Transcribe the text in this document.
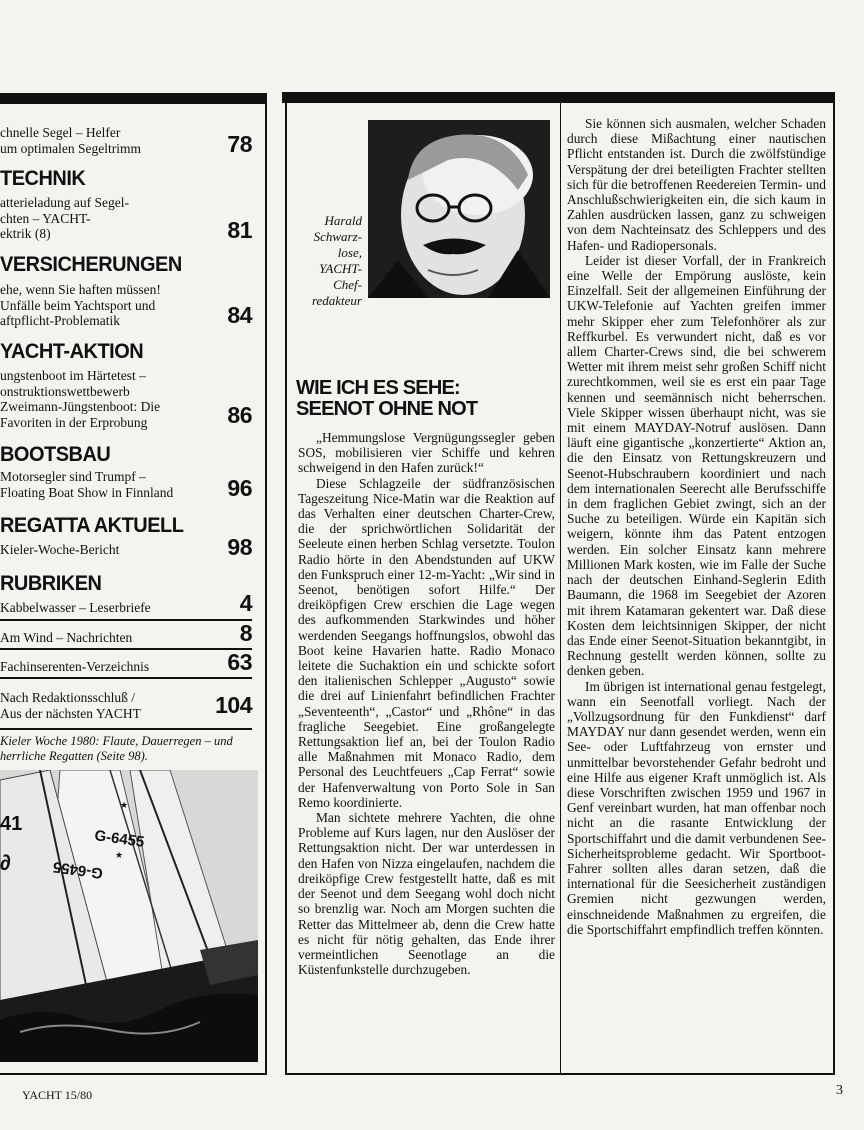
chnelle Segel – Helfer
um optimalen Segeltrimm	78
TECHNIK
atterieladung auf Segel-
chten – YACHT-
ektrik (8)	81
VERSICHERUNGEN
ehe, wenn Sie haften müssen!
Unfälle beim Yachtsport und
aftpflicht-Problematik	84
YACHT-AKTION
ungstenboot im Härtetest –
onstruktionswettbewerb
Zweimann-Jüngstenboot: Die
Favoriten in der Erprobung	86
BOOTSBAU
Motorsegler sind Trumpf –
Floating Boat Show in Finnland	96
REGATTA AKTUELL
Kieler-Woche-Bericht	98
RUBRIKEN
Kabbelwasser – Leserbriefe	4
Am Wind – Nachrichten	8
Fachinserenten-Verzeichnis	63
Nach Redaktionsschluß /
Aus der nächsten YACHT	104
Kieler Woche 1980: Flaute, Dauerregen – und herrliche Regatten (Seite 98).
★
★
G-6455
G-6455
41
∂
Harald
Schwarz-
lose,
YACHT-
Chef-
redakteur
WIE ICH ES SEHE:
SEENOT OHNE NOT

„Hemmungslose Vergnügungssegler geben SOS, mobilisieren vier Schiffe und kehren schweigend in den Hafen zurück!“

Diese Schlagzeile der südfranzösischen Tageszeitung Nice-Matin war die Reaktion auf das Verhalten einer deutschen Charter-Crew, die der sprichwörtlichen Solidarität der Seeleute einen herben Schlag versetzte. Toulon Radio hörte in den Abendstunden auf UKW den Funkspruch einer 12-m-Yacht: „Wir sind in Seenot, benötigen sofort Hilfe.“ Der dreiköpfigen Crew erschien die Lage wegen des aufkommenden Starkwindes und höher werdenden Seegangs hoffnungslos, obwohl das Boot keine Havarien hatte. Radio Monaco leitete die Suchaktion ein und schickte sofort den italienischen Schlepper „Augusto“ sowie die drei auf Linienfahrt befindlichen Frachter „Seventeenth“, „Castor“ und „Rhône“ in das fragliche Seegebiet. Eine großangelegte Rettungsaktion lief an, bei der Toulon Radio alle Maßnahmen mit Monaco Radio, dem Personal des Leuchtfeuers „Cap Ferrat“ sowie der Hafenverwaltung von Porto Sole in San Remo koordinierte.

Man sichtete mehrere Yachten, die ohne Probleme auf Kurs lagen, nur den Auslöser der Rettungsaktion nicht. Der war unterdessen in den Hafen von Nizza eingelaufen, nachdem die dreiköpfige Crew festgestellt hatte, daß es mit der Seenot und dem Seegang wohl doch nicht so brenzlig war. Noch am Morgen suchten die Retter das Mittelmeer ab, denn die Crew hatte es nicht für nötig gehalten, das Ende ihrer vermeintlichen Seenotlage an die Küstenfunkstelle durchzugeben.

Sie können sich ausmalen, welcher Schaden durch diese Mißachtung einer nautischen Pflicht entstanden ist. Durch die zwölfstündige Verspätung der drei beteiligten Frachter stellten sich für die betroffenen Reedereien Termin- und Anschlußschwierigkeiten ein, die sich kaum in Zahlen ausdrücken lassen, ganz zu schweigen von dem Nachteinsatz des Schleppers und des Hafen- und Radiopersonals.

Leider ist dieser Vorfall, der in Frankreich eine Welle der Empörung auslöste, kein Einzelfall. Seit der allgemeinen Einführung der UKW-Telefonie auf Yachten greifen immer mehr Skipper eher zum Telefonhörer als zur Reffkurbel. Es verwundert nicht, daß es vor allem Charter-Crews sind, die bei schwerem Wetter mit ihrem meist sehr großen Schiff nicht zurechtkommen, weil sie es erst ein paar Tage kennen und seemännisch nicht beherrschen. Viele Skipper wissen überhaupt nicht, was sie mit einem MAYDAY-Notruf auslösen. Dann läuft eine gigantische „konzertierte“ Aktion an, die den Einsatz von Rettungskreuzern und Seenot-Hubschraubern koordiniert und nach dem internationalen Seerecht alle Berufsschiffe in dem fraglichen Gebiet zwingt, sich an der Suche zu beteiligen. Würde ein Kapitän sich weigern, könnte ihm das Patent entzogen werden. Ein solcher Einsatz kann mehrere Millionen Mark kosten, wie im Falle der Suche nach der deutschen Einhand-Seglerin Edith Baumann, die 1968 im Seegebiet der Azoren mit ihrem Katamaran gekentert war. Daß diese Kosten dem leichtsinnigen Skipper, der nicht das Ende einer Seenot-Situation bekanntgibt, in Rechnung gestellt werden können, sollte zu denken geben.

Im übrigen ist international genau festgelegt, wann ein Seenotfall vorliegt. Nach der „Vollzugsordnung für den Funkdienst“ darf MAYDAY nur dann gesendet werden, wenn ein See- oder Luftfahrzeug von ernster und unmittelbar bevorstehender Gefahr bedroht und eine Hilfe aus eigener Kraft unmöglich ist. Als diese Vorschriften zwischen 1959 und 1967 in Genf vereinbart wurden, hat man offenbar noch nicht an die rasante Entwicklung der Sportschiffahrt und die damit verbundenen See-Sicherheitsprobleme gedacht. Wir Sportboot-Fahrer sollten alles daran setzen, daß die international für die Seesicherheit zuständigen Gremien nicht gezwungen werden, einschneidende Maßnahmen zu ergreifen, die die Sportschiffahrt empfindlich treffen könnten.

YACHT 15/80	3
